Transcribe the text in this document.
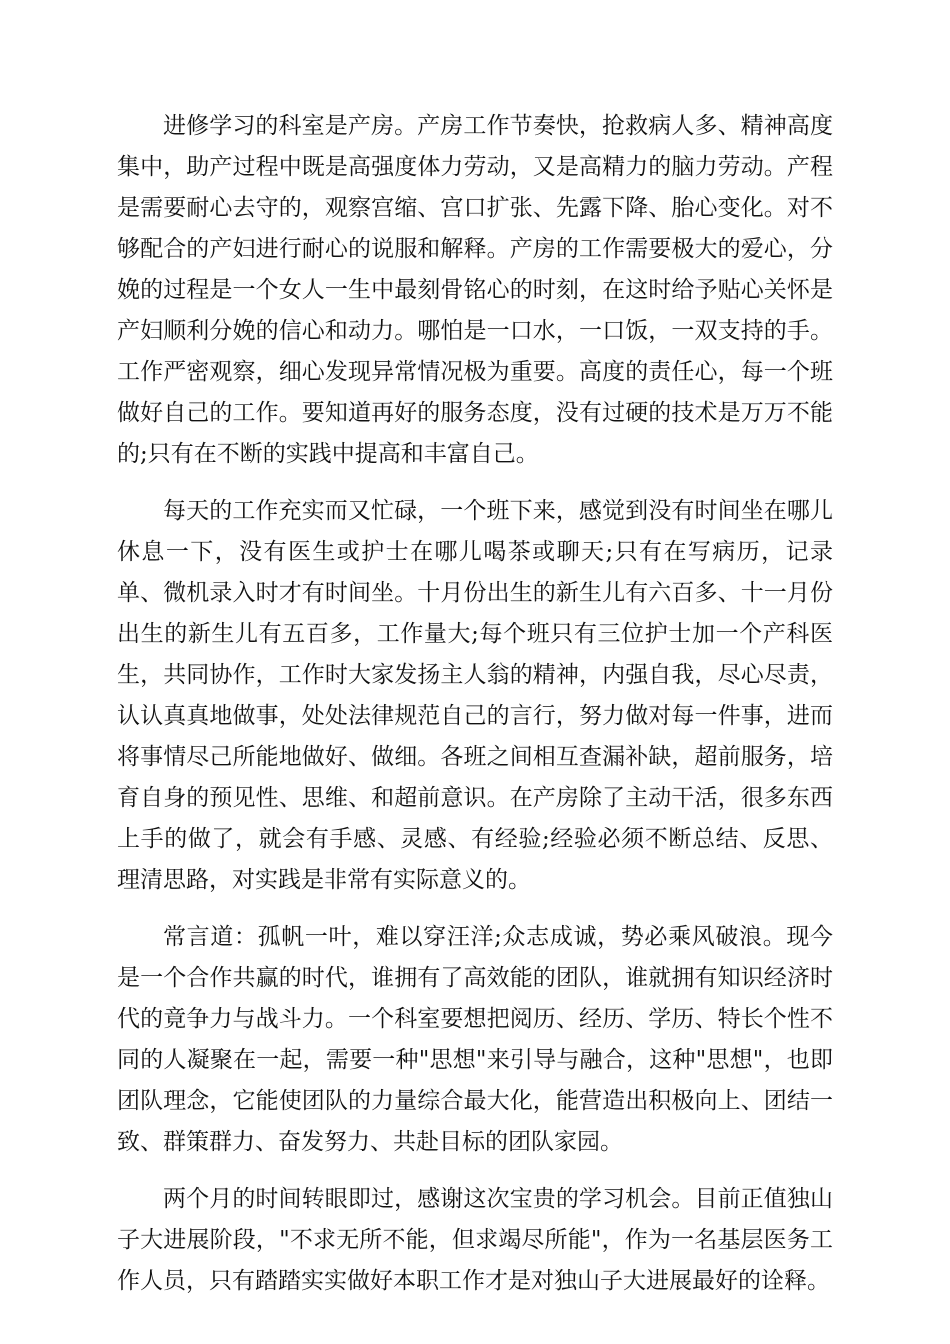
进修学习的科室是产房。产房工作节奏快，抢救病人多、精神高度集中，助产过程中既是高强度体力劳动，又是高精力的脑力劳动。产程是需要耐心去守的，观察宫缩、宫口扩张、先露下降、胎心变化。对不够配合的产妇进行耐心的说服和解释。产房的工作需要极大的爱心，分娩的过程是一个女人一生中最刻骨铭心的时刻，在这时给予贴心关怀是产妇顺利分娩的信心和动力。哪怕是一口水，一口饭，一双支持的手。工作严密观察，细心发现异常情况极为重要。高度的责任心，每一个班做好自己的工作。要知道再好的服务态度，没有过硬的技术是万万不能的;只有在不断的实践中提高和丰富自己。

每天的工作充实而又忙碌，一个班下来，感觉到没有时间坐在哪儿休息一下，没有医生或护士在哪儿喝茶或聊天;只有在写病历，记录单、微机录入时才有时间坐。十月份出生的新生儿有六百多、十一月份出生的新生儿有五百多，工作量大;每个班只有三位护士加一个产科医生，共同协作，工作时大家发扬主人翁的精神，内强自我，尽心尽责，认认真真地做事，处处法律规范自己的言行，努力做对每一件事，进而将事情尽己所能地做好、做细。各班之间相互查漏补缺，超前服务，培育自身的预见性、思维、和超前意识。在产房除了主动干活，很多东西上手的做了，就会有手感、灵感、有经验;经验必须不断总结、反思、理清思路，对实践是非常有实际意义的。

常言道：孤帆一叶，难以穿汪洋;众志成诚，势必乘风破浪。现今是一个合作共赢的时代，谁拥有了高效能的团队，谁就拥有知识经济时代的竟争力与战斗力。一个科室要想把阅历、经历、学历、特长个性不同的人凝聚在一起，需要一种"思想"来引导与融合，这种"思想"，也即团队理念，它能使团队的力量综合最大化，能营造出积极向上、团结一致、群策群力、奋发努力、共赴目标的团队家园。

两个月的时间转眼即过，感谢这次宝贵的学习机会。目前正值独山子大进展阶段，"不求无所不能，但求竭尽所能"，作为一名基层医务工作人员，只有踏踏实实做好本职工作才是对独山子大进展最好的诠释。
